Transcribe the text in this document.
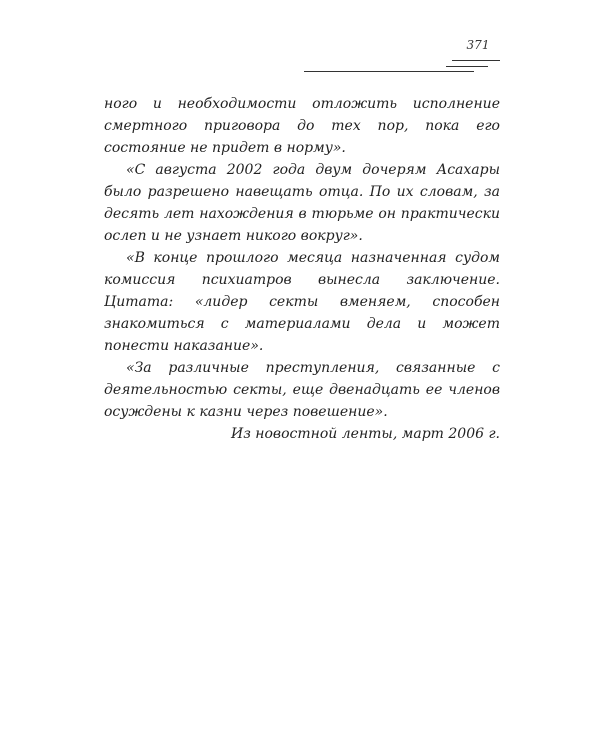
371

ного и необходимости отложить исполнение смертного приговора до тех пор, пока его состояние не придет в норму».

«С августа 2002 года двум дочерям Асахары было разрешено навещать отца. По их словам, за десять лет нахождения в тюрьме он практически ослеп и не узнает никого вокруг».

«В конце прошлого месяца назначенная судом комиссия психиатров вынесла заключение. Цитата: «лидер секты вменяем, способен знакомиться с материалами дела и может понести наказание».

«За различные преступления, связанные с деятельностью секты, еще двенадцать ее членов осуждены к казни через повешение».

Из новостной ленты, март 2006 г.
